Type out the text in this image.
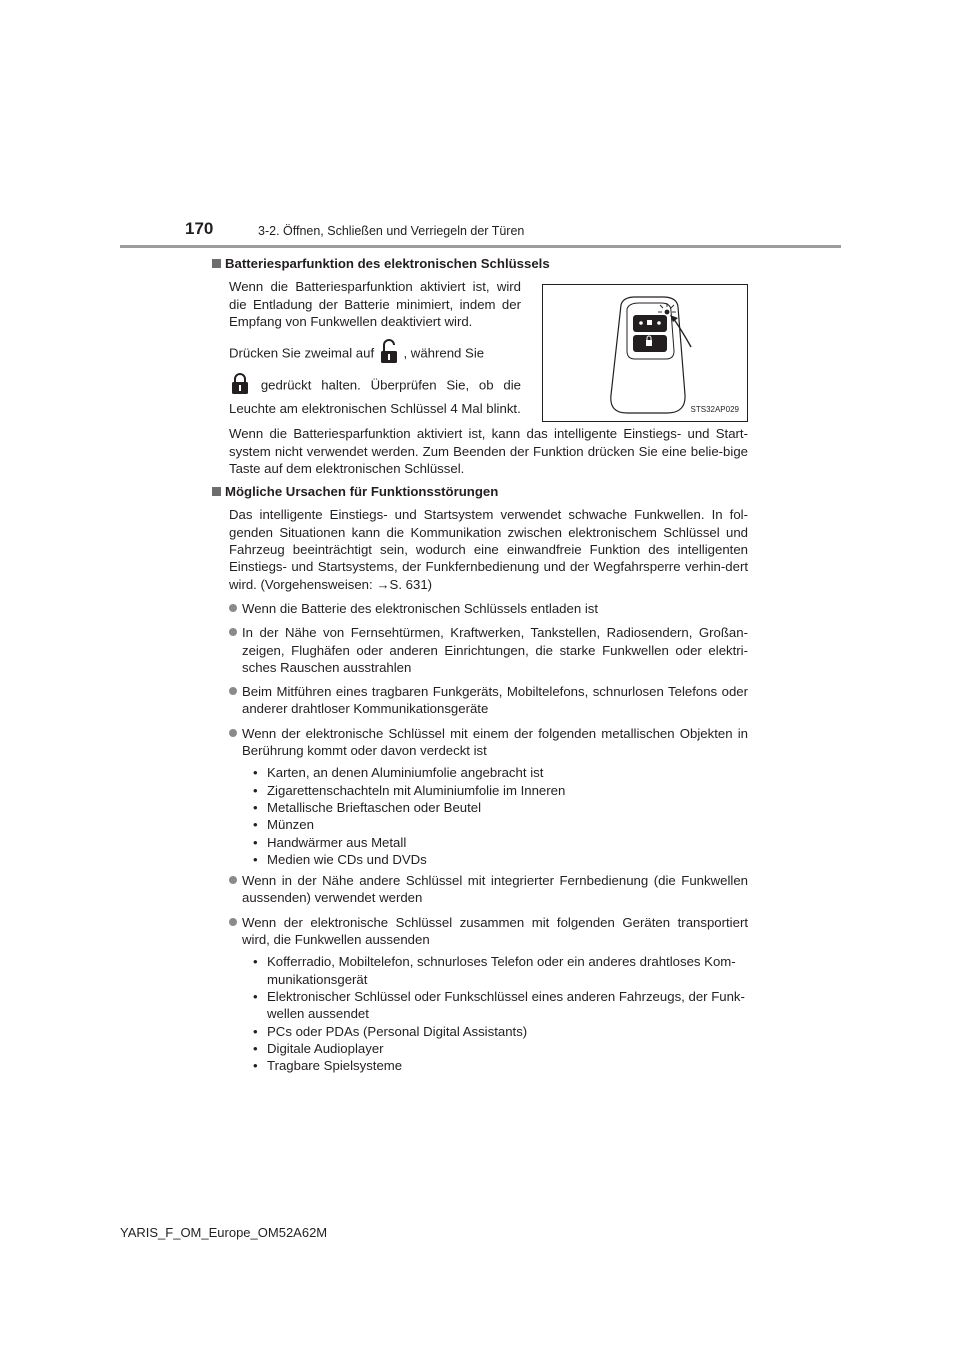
170	3-2. Öffnen, Schließen und Verriegeln der Türen
Batteriesparfunktion des elektronischen Schlüssels

Wenn die Batteriesparfunktion aktiviert ist, wird die Entladung der Batterie minimiert, indem der Empfang von Funkwellen deaktiviert wird.

Drücken Sie zweimal auf , während Sie

gedrückt halten. Überprüfen Sie, ob die Leuchte am elektronischen Schlüssel 4 Mal blinkt.	STS32AP029

Wenn die Batteriesparfunktion aktiviert ist, kann das intelligente Einstiegs- und Start-system nicht verwendet werden. Zum Beenden der Funktion drücken Sie eine belie-bige Taste auf dem elektronischen Schlüssel.

Mögliche Ursachen für Funktionsstörungen

Das intelligente Einstiegs- und Startsystem verwendet schwache Funkwellen. In fol-genden Situationen kann die Kommunikation zwischen elektronischem Schlüssel und Fahrzeug beeinträchtigt sein, wodurch eine einwandfreie Funktion des intelligenten Einstiegs- und Startsystems, der Funkfernbedienung und der Wegfahrsperre verhin-dert wird. (Vorgehensweisen: →S. 631)

Wenn die Batterie des elektronischen Schlüssels entladen ist
In der Nähe von Fernsehtürmen, Kraftwerken, Tankstellen, Radiosendern, Großan-zeigen, Flughäfen oder anderen Einrichtungen, die starke Funkwellen oder elektri-sches Rauschen ausstrahlen
Beim Mitführen eines tragbaren Funkgeräts, Mobiltelefons, schnurlosen Telefons oder anderer drahtloser Kommunikationsgeräte
Wenn der elektronische Schlüssel mit einem der folgenden metallischen Objekten in Berührung kommt oder davon verdeckt ist
• Karten, an denen Aluminiumfolie angebracht ist
• Zigarettenschachteln mit Aluminiumfolie im Inneren
• Metallische Brieftaschen oder Beutel
• Münzen
• Handwärmer aus Metall
• Medien wie CDs und DVDs
Wenn in der Nähe andere Schlüssel mit integrierter Fernbedienung (die Funkwellen aussenden) verwendet werden
Wenn der elektronische Schlüssel zusammen mit folgenden Geräten transportiert wird, die Funkwellen aussenden
• Kofferradio, Mobiltelefon, schnurloses Telefon oder ein anderes drahtloses Kom-munikationsgerät
• Elektronischer Schlüssel oder Funkschlüssel eines anderen Fahrzeugs, der Funk-wellen aussendet
• PCs oder PDAs (Personal Digital Assistants)
• Digitale Audioplayer
• Tragbare Spielsysteme
YARIS_F_OM_Europe_OM52A62M
